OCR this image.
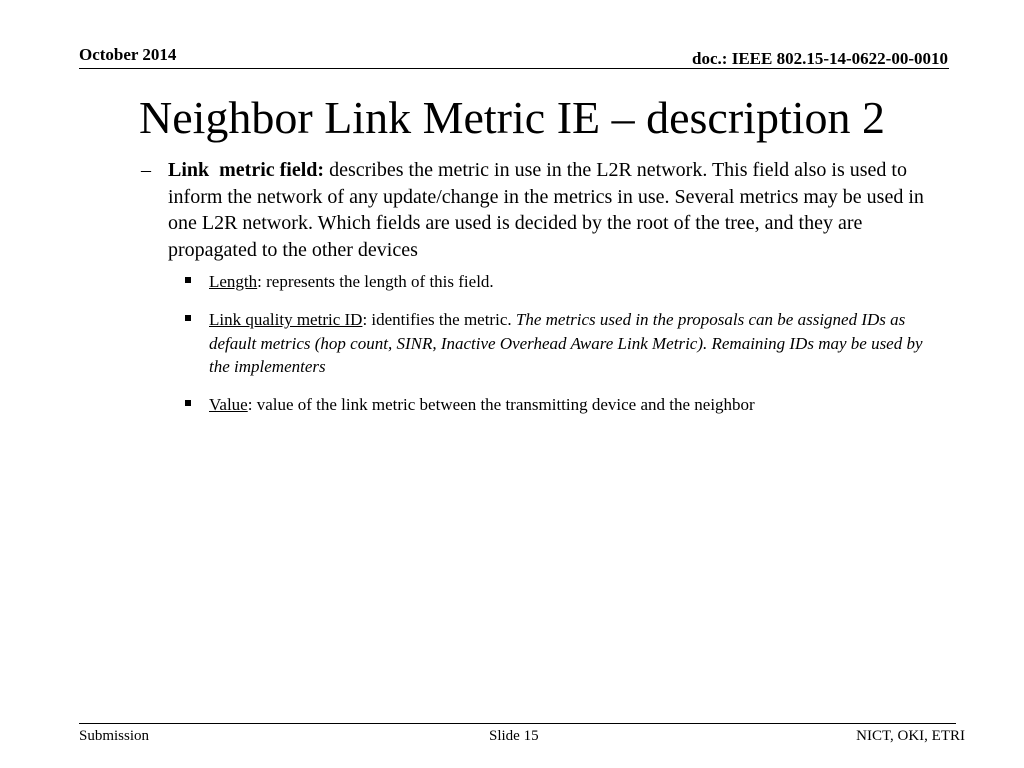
October 2014	doc.: IEEE 802.15-14-0622-00-0010
Neighbor Link Metric IE – description 2
– Link  metric field: describes the metric in use in the L2R network. This field also is used to inform the network of any update/change in the metrics in use. Several metrics may be used in one L2R network. Which fields are used is decided by the root of the tree, and they are propagated to the other devices
Length: represents the length of this field.
Link quality metric ID: identifies the metric. The metrics used in the proposals can be assigned IDs as default metrics (hop count, SINR, Inactive Overhead Aware Link Metric). Remaining IDs may be used by the implementers
Value: value of the link metric between the transmitting device and the neighbor
Submission	Slide 15	NICT, OKI, ETRI
